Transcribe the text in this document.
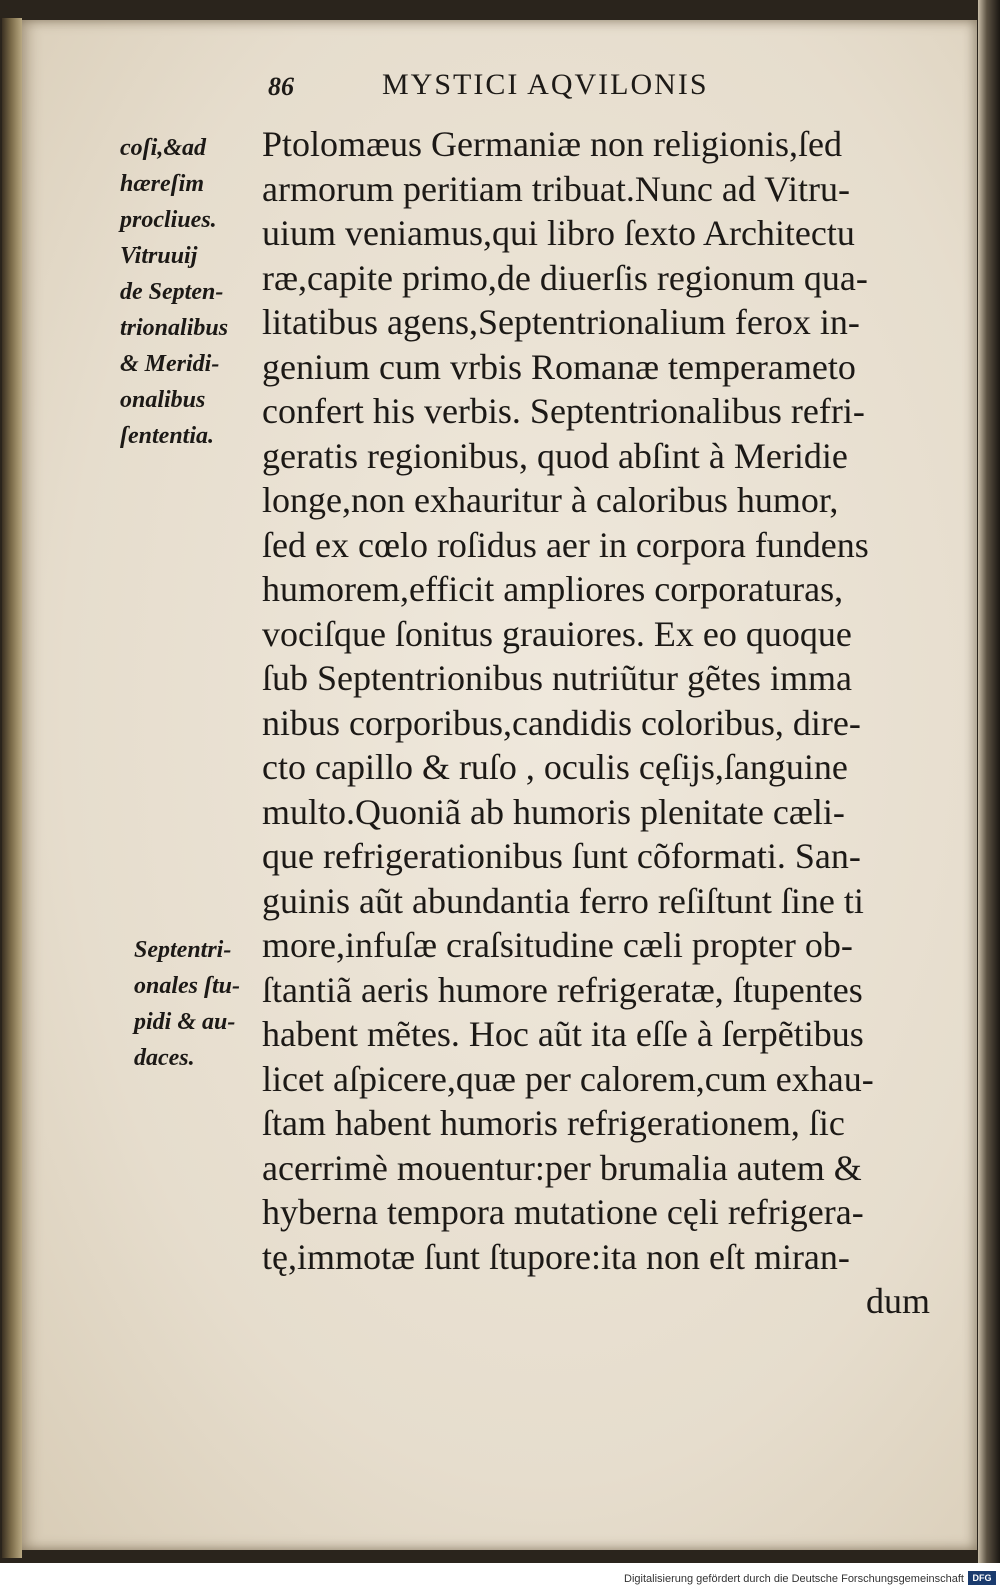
86	MYSTICI AQVILONIS
coſi,&ad
hæreſim
procliues.
Vitruuij
de Septen-
trionalibus
& Meridi-
onalibus
ſententia.
Septentri-
onales ſtu-
pidi & au-
daces.
Ptolomæus Germaniæ non religionis,ſed
armorum peritiam tribuat.Nunc ad Vitru-
uium veniamus,qui libro ſexto Architectu
ræ,capite primo,de diuerſis regionum qua-
litatibus agens,Septentrionalium ferox in-
genium cum vrbis Romanæ temperameto
confert his verbis. Septentrionalibus refri-
geratis regionibus, quod abſint à Meridie
longe,non exhauritur à caloribus humor,
ſed ex cœlo roſidus aer in corpora fundens
humorem,efficit ampliores corporaturas,
vociſque ſonitus grauiores. Ex eo quoque
ſub Septentrionibus nutriũtur gẽtes imma
nibus corporibus,candidis coloribus, dire-
cto capillo & ruſo , oculis cęſijs,ſanguine
multo.Quoniã ab humoris plenitate cæli-
que refrigerationibus ſunt cõformati. San-
guinis aũt abundantia ferro reſiſtunt ſine ti
more,infuſæ craſsitudine cæli propter ob-
ſtantiã aeris humore refrigeratæ, ſtupentes
habent mẽtes. Hoc aũt ita eſſe à ſerpẽtibus
licet aſpicere,quæ per calorem,cum exhau-
ſtam habent humoris refrigerationem, ſic
acerrimè mouentur:per brumalia autem &
hyberna tempora mutatione cęli refrigera-
tę,immotæ ſunt ſtupore:ita non eſt miran-
dum
Digitalisierung gefördert durch die Deutsche Forschungsgemeinschaft DFG
